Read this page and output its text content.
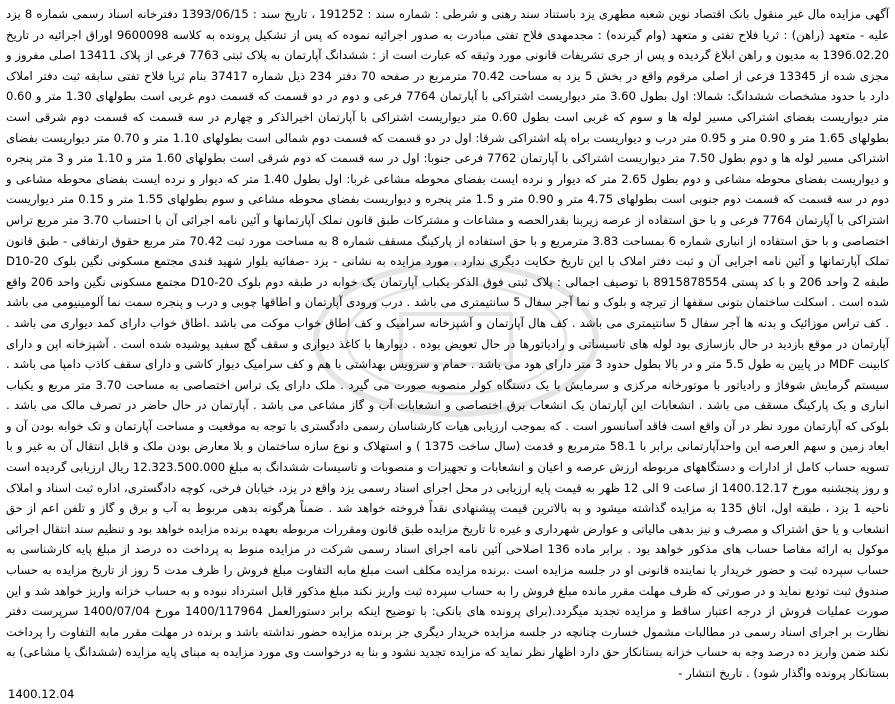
آگهی مزایده مال غیر منقول بانک اقتصاد نوین شعبه مطهری یزد باستناد سند رهنی و شرطی : شماره سند : 191252 ، تاریخ سند : 1393/06/15 دفترخانه اسناد رسمی شماره 8 یزد علیه - متعهد (راهن) : ثریا فلاح تفتی و متعهد (وام گیرنده) : مجدمهدی فلاح تفتی مبادرت به صدور اجرائیه نموده که پس از تشکیل پرونده به کلاسه 9600098 اوراق اجرائیه در تاریخ 1396.02.20 به مدیون و راهن ابلاغ گردیده و پس از جری تشریفات قانونی مورد وثیقه که عبارت است از : ششدانگ آپارتمان به پلاک ثبتی 7763 فرعی از پلاک 13411 اصلی مفروز و مجزی شده از 13345 فرعی از اصلی مرقوم واقع در بخش 5 یزد به مساحت 70.42 مترمربع در صفحه 70 دفتر 234 ذیل شماره 37417 بنام ثریا فلاح تفتی سابقه ثبت دفتر املاک دارد با حدود مشخصات ششدانگ: شمالا: اول بطول 3.60 متر دیواریست اشتراکی با آپارتمان 7764 فرعی و دوم در دو قسمت که قسمت دوم غربی است بطولهای 1.30 متر و 0.60 متر دیواریست بفضای اشتراکی مسیر لوله ها و سوم که غربی است بطول 0.60 متر دیواریست اشتراکی با آپارتمان اخیرالذکر و چهارم در سه قسمت که قسمت دوم شرقی است بطولهای 1.65 متر و 0.90 متر و 0.95 متر درب و دیواریست براه پله اشتراکی شرقا: اول در دو قسمت که قسمت دوم شمالی است بطولهای 1.10 متر و 0.70 متر دیواریست بفضای اشتراکی مسیر لوله ها و دوم بطول 7.50 متر دیواریست اشتراکی با آپارتمان 7762 فرعی جنوبا: اول در سه قسمت که دوم شرقی است بطولهای 1.60 متر و 1.10 متر و 3 متر پنجره و دیواریست بفضای محوطه مشاعی و دوم بطول 2.65 متر که دیوار و نرده ایست بفضای محوطه مشاعی غربا: اول بطول 1.40 متر که دیوار و نرده ایست بفضای محوطه مشاعی و دوم در سه قسمت که قسمت دوم جنوبی است بطولهای 4.75 متر و 0.90 متر و 1.5 متر پنجره و دیواریست بفضای محوطه مشاعی و سوم بطولهای 1.55 متر و 0.15 متر دیواریست اشتراکی با آپارتمان 7764 فرعی و با حق استفاده از عرصه زیربنا بقدرالحصه و مشاعات و مشترکات طبق قانون تملک آپارتمانها و آئین نامه اجرائی آن با احتساب 3.70 متر مربع تراس اختصاصی و با حق استفاده از انباری شماره 6 بمساحت 3.83 مترمربع و با حق استفاده از پارکینگ مسقف شماره 8 به مساحت مورد ثبت 70.42 متر مربع حقوق ارتفاقی - طبق قانون تملک آپارتمانها و آئین نامه اجرایی آن و ثبت دفتر املاک با این تاریخ حکایت دیگری ندارد . مورد مزایده به نشانی - یزد -صفائیه بلوار شهید قندی مجتمع مسکونی نگین بلوک D10-20 طبقه 2 واحد 206 و با کد پستی 8915878554 با توصیف اجمالی : پلاک ثبتی فوق الذکر یکباب آپارتمان یک خوابه در طبقه دوم بلوک D10-20 مجتمع مسکونی نگین واحد 206 واقع شده است . اسکلت ساختمان بتونی سقفها از تیرچه و بلوک و نما آجر سفال 5 سانتیمتری می باشد . درب ورودی آپارتمان و اطاقها چوبی و درب و پنجره سمت نما آلومینیومی می باشد . کف تراس موزائیک و بدنه ها آجر سفال 5 سانتیمتری می باشد . کف هال آپارتمان و آشپزخانه سرامیک و کف اطاق خواب موکت می باشد .اطاق خواب دارای کمد دیواری می باشد . آپارتمان در موقع بازدید در حال بازسازی بود لوله های تاسیساتی و رادیاتورها در حال تعویض بوده . دیوارها با کاغذ دیواری و سقف گچ سفید پوشیده شده است . آشپزخانه اپن و دارای کابینت MDF در پایین به طول 5.5 متر و در بالا بطول حدود 3 متر دارای هود می باشد . حمام و سرویس بهداشتی با هم و کف سرامیک دیوار کاشی و دارای سقف کاذب دامپا می باشد . سیستم گرمایش شوفاژ و رادیاتور با موتورخانه مرکزی و سرمایش با یک دستگاه کولر منصوبه صورت می گیرد . ملک دارای یک تراس اختصاصی به مساحت 3.70 متر مربع و یکباب انباری و یک پارکینگ مسقف می باشد . انشعابات این آپارتمان یک انشعاب برق اختصاصی و انشعابات آب و گاز مشاعی می باشد . آپارتمان در حال حاضر در تصرف مالک می باشد . بلوکی که آپارتمان مورد نظر در آن واقع است فاقد آسانسور است . که بموجب ارزیابی هیات کارشناسان رسمی دادگستری با توجه به موقعیت و مساحت آپارتمان و تک خوابه بودن آن و ابعاد زمین و سهم العرصه این واحدآپارتمانی برابر با 58.1 مترمربع و قدمت (سال ساخت 1375 ) و استهلاک و نوع سازه ساختمان و بلا معارض بودن ملک و قابل انتقال آن به غیر و با تسویه حساب کامل از ادارات و دستگاههای مربوطه ارزش عرصه و اعیان و انشعابات و تجهیزات و منصوبات و تاسیسات ششدانگ به مبلغ 12.323.500.000 ریال ارزیابی گردیده است و روز پنجشنبه مورخ 1400.12.17 از ساعت 9 الی 12 ظهر به قیمت پایه ارزیابی در محل اجرای اسناد رسمی یزد واقع در یزد، خیابان فرخی، کوچه دادگستری، اداره ثبت اسناد و املاک ناحیه 1 یزد ، طبقه اول، اتاق 135 به مزایده گذاشته میشود و به بالاترین قیمت پیشنهادی نقداً فروخته خواهد شد . ضمناً هرگونه بدهی مربوط به آب و برق و گاز و تلفن اعم از حق انشعاب و یا حق اشتراک و مصرف و نیز بدهی مالیاتی و عوارض شهرداری و غیره تا تاریخ مزایده طبق قانون ومقررات مربوطه بعهده برنده مزایده خواهد بود و تنظیم سند انتقال اجرائی موکول به ارائه مفاصا حساب های مذکور خواهد بود . برابر ماده 136 اصلاحی آئین نامه اجرای اسناد رسمی شرکت در مزایده منوط به پرداخت ده درصد از مبلغ پایه کارشناسی به حساب سپرده ثبت و حضور خریدار یا نماینده قانونی او در جلسه مزایده است .برنده مزایده مکلف است مبلغ مابه التفاوت مبلغ فروش را ظرف مدت 5 روز از تاریخ مزایده به حساب صندوق ثبت تودیع نماید و در صورتی که ظرف مهلت مقرر مانده مبلغ فروش را به حساب سپرده ثبت واریز نکند مبلغ مذکور قابل استرداد نبوده و به حساب خزانه واریز خواهد شد و این صورت عملیات فروش از درجه اعتبار ساقط و مزایده تجدید میگردد.(برای پرونده های بانکی: با توضیح اینکه برابر دستورالعمل 1400/117964 مورخ 1400/07/04 سرپرست دفتر نظارت بر اجرای اسناد رسمی در مطالبات مشمول خسارت چنانچه در جلسه مزایده خریدار دیگری جز برنده مزایده حضور نداشته باشد و برنده در مهلت مقرر مابه التفاوت را پرداخت نکند ضمن واریز ده درصد وجه به حساب خزانه بستانکار حق دارد اظهار نظر نماید که مزایده تجدید نشود و بنا به درخواست وی مورد مزایده به مبنای پایه مزایده (ششدانگ یا مشاعی) به بستانکار پرونده واگذار شود) . تاریخ انتشار ‐

1400.12.04
